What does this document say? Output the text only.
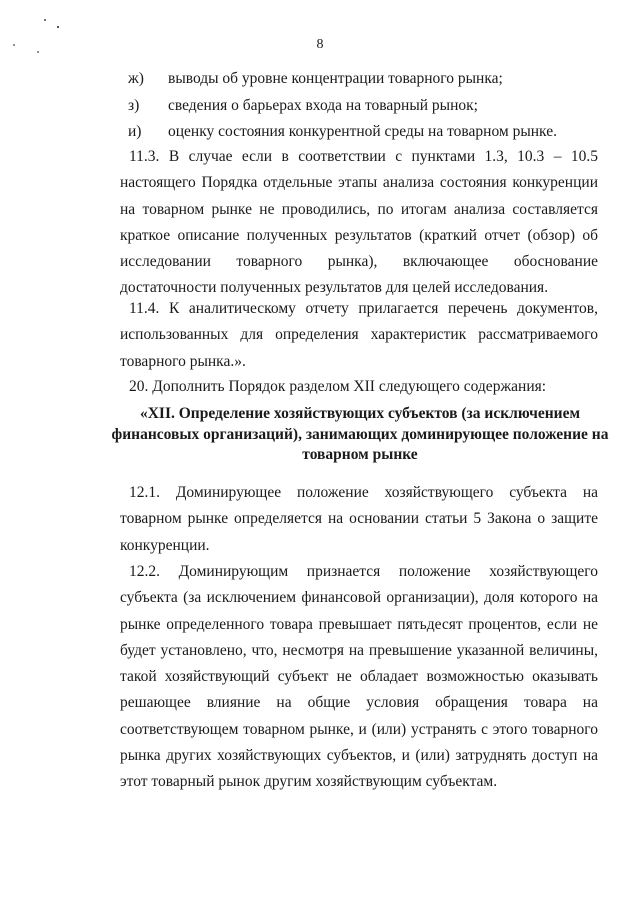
8
ж) выводы об уровне концентрации товарного рынка;
з) сведения о барьерах входа на товарный рынок;
и) оценку состояния конкурентной среды на товарном рынке.

11.3. В случае если в соответствии с пунктами 1.3, 10.3 – 10.5 настоящего Порядка отдельные этапы анализа состояния конкуренции на товарном рынке не проводились, по итогам анализа составляется краткое описание полученных результатов (краткий отчет (обзор) об исследовании товарного рынка), включающее обоснование достаточности полученных результатов для целей исследования.

11.4. К аналитическому отчету прилагается перечень документов, использованных для определения характеристик рассматриваемого товарного рынка.».

20. Дополнить Порядок разделом XII следующего содержания:

«XII. Определение хозяйствующих субъектов (за исключением
финансовых организаций), занимающих доминирующее положение на
товарном рынке

12.1. Доминирующее положение хозяйствующего субъекта на товарном рынке определяется на основании статьи 5 Закона о защите конкуренции.

12.2. Доминирующим признается положение хозяйствующего субъекта (за исключением финансовой организации), доля которого на рынке определенного товара превышает пятьдесят процентов, если не будет установлено, что, несмотря на превышение указанной величины, такой хозяйствующий субъект не обладает возможностью оказывать решающее влияние на общие условия обращения товара на соответствующем товарном рынке, и (или) устранять с этого товарного рынка других хозяйствующих субъектов, и (или) затруднять доступ на этот товарный рынок другим хозяйствующим субъектам.
